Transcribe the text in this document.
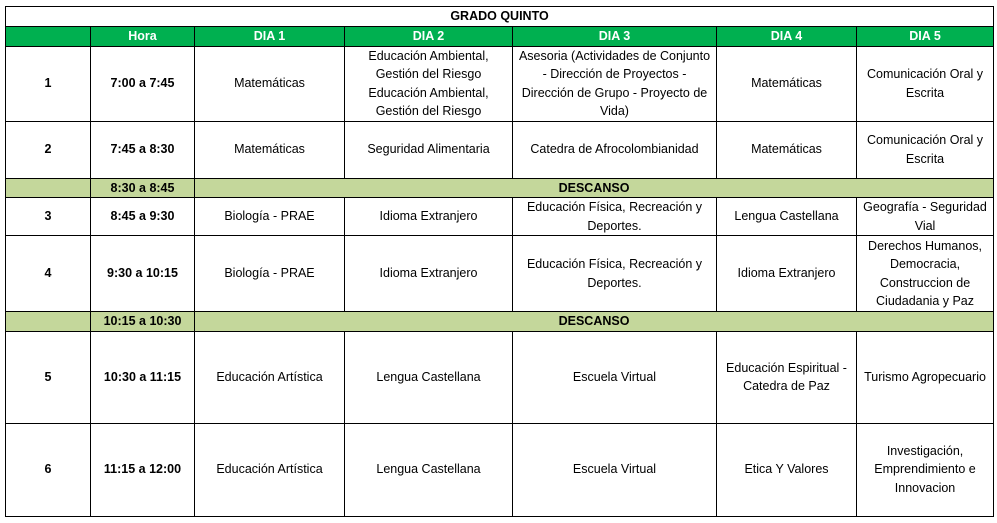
GRADO QUINTO						
	Hora	DIA 1	DIA 2	DIA 3	DIA 4	DIA 5
1	7:00 a 7:45	Matemáticas	Educación Ambiental, Gestión del Riesgo Educación Ambiental, Gestión del Riesgo	Asesoria (Actividades de Conjunto - Dirección de Proyectos - Dirección de Grupo - Proyecto de Vida)	Matemáticas	Comunicación Oral y Escrita
2	7:45 a 8:30	Matemáticas	Seguridad Alimentaria	Catedra de Afrocolombianidad	Matemáticas	Comunicación Oral y Escrita
	8:30 a 8:45	DESCANSO				
3	8:45 a 9:30	Biología - PRAE	Idioma Extranjero	Educación Física, Recreación y Deportes.	Lengua Castellana	Geografía - Seguridad Vial
4	9:30 a 10:15	Biología - PRAE	Idioma Extranjero	Educación Física, Recreación y Deportes.	Idioma Extranjero	Derechos Humanos, Democracia, Construccion de Ciudadania y Paz
	10:15 a 10:30	DESCANSO				
5	10:30 a 11:15	Educación Artística	Lengua Castellana	Escuela Virtual	Educación Espiritual - Catedra de Paz	Turismo Agropecuario
6	11:15 a 12:00	Educación Artística	Lengua Castellana	Escuela Virtual	Etica Y Valores	Investigación, Emprendimiento e Innovacion
